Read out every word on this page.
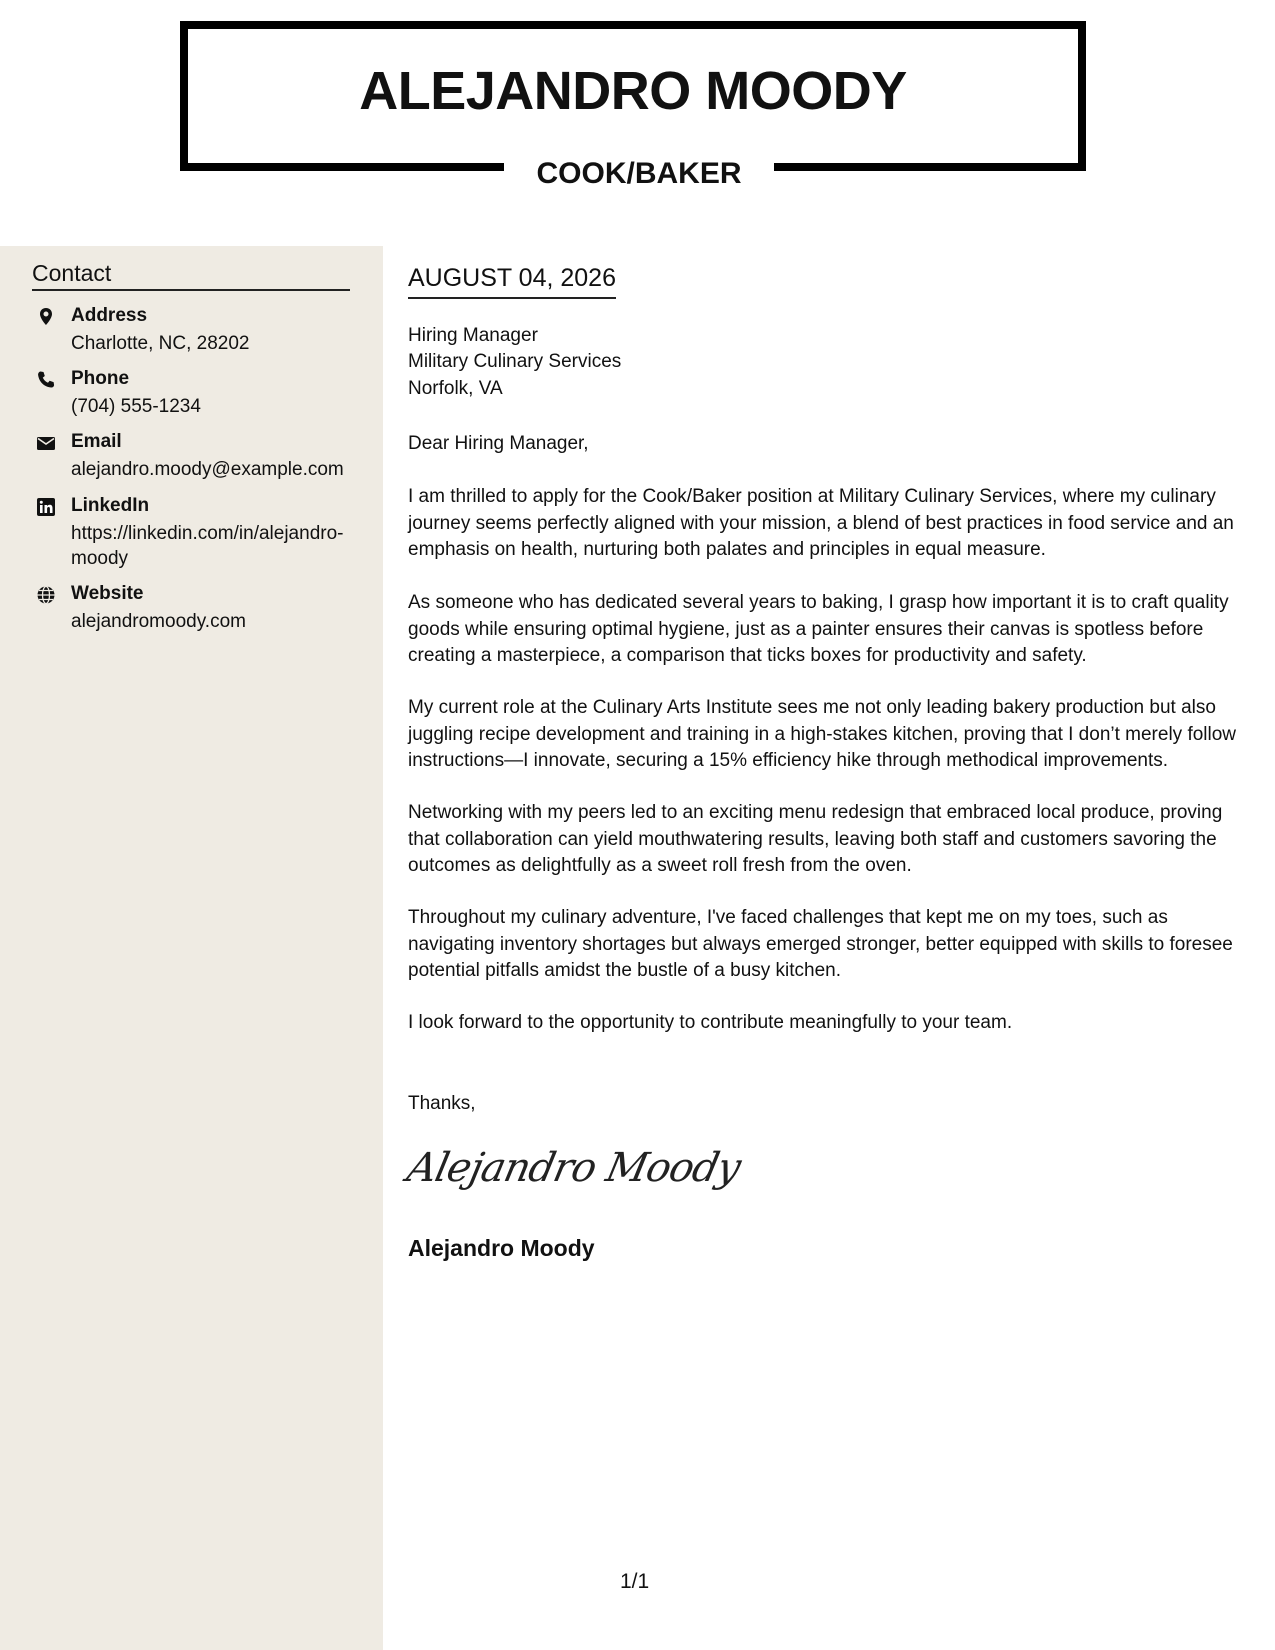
ALEJANDRO MOODY
COOK/BAKER
Contact
Address
Charlotte, NC, 28202
Phone
(704) 555-1234
Email
alejandro.moody@example.com
LinkedIn
https://linkedin.com/in/alejandro-moody
Website
alejandromoody.com
AUGUST 04, 2026
Hiring Manager
Military Culinary Services
Norfolk, VA

Dear Hiring Manager,

I am thrilled to apply for the Cook/Baker position at Military Culinary Services, where my culinary journey seems perfectly aligned with your mission, a blend of best practices in food service and an emphasis on health, nurturing both palates and principles in equal measure.

As someone who has dedicated several years to baking, I grasp how important it is to craft quality goods while ensuring optimal hygiene, just as a painter ensures their canvas is spotless before creating a masterpiece, a comparison that ticks boxes for productivity and safety.

My current role at the Culinary Arts Institute sees me not only leading bakery production but also juggling recipe development and training in a high-stakes kitchen, proving that I don’t merely follow instructions—I innovate, securing a 15% efficiency hike through methodical improvements.

Networking with my peers led to an exciting menu redesign that embraced local produce, proving that collaboration can yield mouthwatering results, leaving both staff and customers savoring the outcomes as delightfully as a sweet roll fresh from the oven.

Throughout my culinary adventure, I've faced challenges that kept me on my toes, such as navigating inventory shortages but always emerged stronger, better equipped with skills to foresee potential pitfalls amidst the bustle of a busy kitchen.

I look forward to the opportunity to contribute meaningfully to your team.

Thanks,

Alejandro Moody
Alejandro Moody
1/1
